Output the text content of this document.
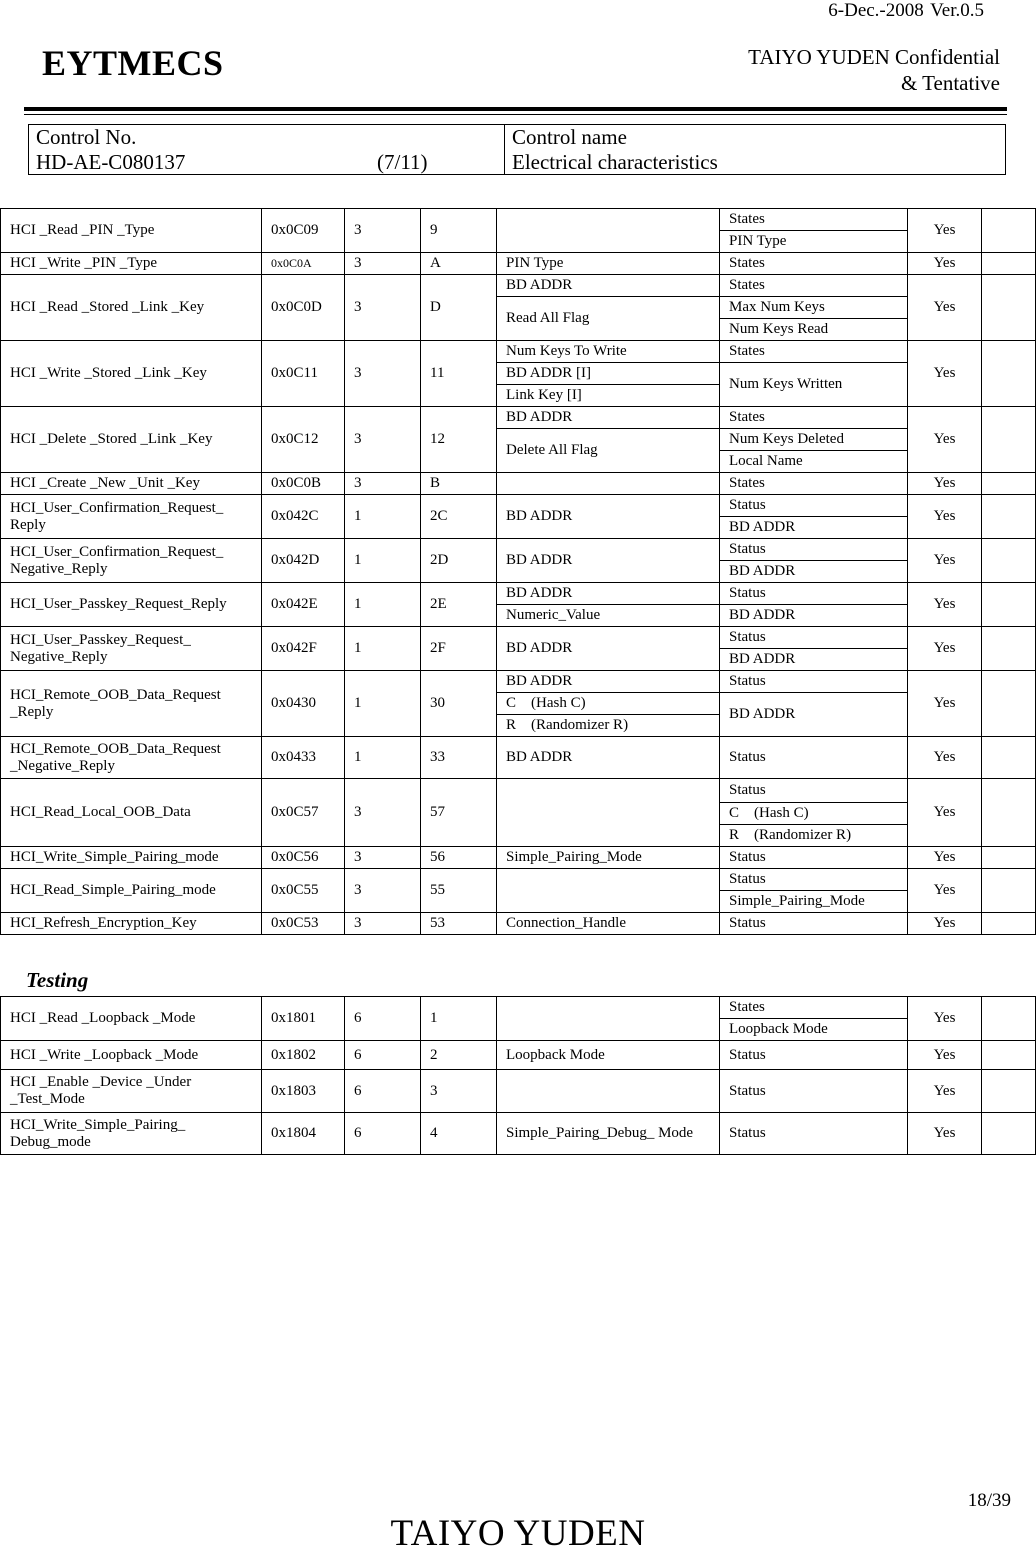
6-Dec.-2008 Ver.0.5
EYTMECS	TAIYO YUDEN Confidential
& Tentative
Control No.
HD-AE-C080137	(7/11)
Control name
Electrical characteristics
HCI _Read _PIN _Type	0x0C09	3	9		States	Yes	
					PIN Type		
HCI _Write _PIN _Type	0x0C0A	3	A	PIN Type	States	Yes	
HCI _Read _Stored _Link _Key	0x0C0D	3	D	BD ADDR	States	Yes	
				Read All Flag	Max Num Keys		
					Num Keys Read		
HCI _Write _Stored _Link _Key	0x0C11	3	11	Num Keys To Write	States	Yes	
				BD ADDR [I]	Num Keys Written		
				Link Key [I]			
HCI _Delete _Stored _Link _Key	0x0C12	3	12	BD ADDR	States	Yes	
				Delete All Flag	Num Keys Deleted		
					Local Name		
HCI _Create _New _Unit _Key	0x0C0B	3	B		States	Yes	
HCI_User_Confirmation_Request_ Reply	0x042C	1	2C	BD ADDR	Status	Yes	
					BD ADDR		
HCI_User_Confirmation_Request_ Negative_Reply	0x042D	1	2D	BD ADDR	Status	Yes	
					BD ADDR		
HCI_User_Passkey_Request_Reply	0x042E	1	2E	BD ADDR	Status	Yes	
				Numeric_Value	BD ADDR		
HCI_User_Passkey_Request_ Negative_Reply	0x042F	1	2F	BD ADDR	Status	Yes	
					BD ADDR		
HCI_Remote_OOB_Data_Request _Reply	0x0430	1	30	BD ADDR	Status	Yes	
				C    (Hash C)	BD ADDR		
				R    (Randomizer R)			
HCI_Remote_OOB_Data_Request _Negative_Reply	0x0433	1	33	BD ADDR	Status	Yes	
HCI_Read_Local_OOB_Data	0x0C57	3	57		Status	Yes	
					C    (Hash C)		
					R    (Randomizer R)		
HCI_Write_Simple_Pairing_mode	0x0C56	3	56	Simple_Pairing_Mode	Status	Yes	
HCI_Read_Simple_Pairing_mode	0x0C55	3	55		Status	Yes	
					Simple_Pairing_Mode		
HCI_Refresh_Encryption_Key	0x0C53	3	53	Connection_Handle	Status	Yes	
Testing
HCI _Read _Loopback _Mode	0x1801	6	1		States	Yes	
					Loopback Mode		
HCI _Write _Loopback _Mode	0x1802	6	2	Loopback Mode	Status	Yes	
HCI _Enable _Device _Under _Test_Mode	0x1803	6	3		Status	Yes	
HCI_Write_Simple_Pairing_ Debug_mode	0x1804	6	4	Simple_Pairing_Debug_ Mode	Status	Yes	
18/39
TAIYO YUDEN
